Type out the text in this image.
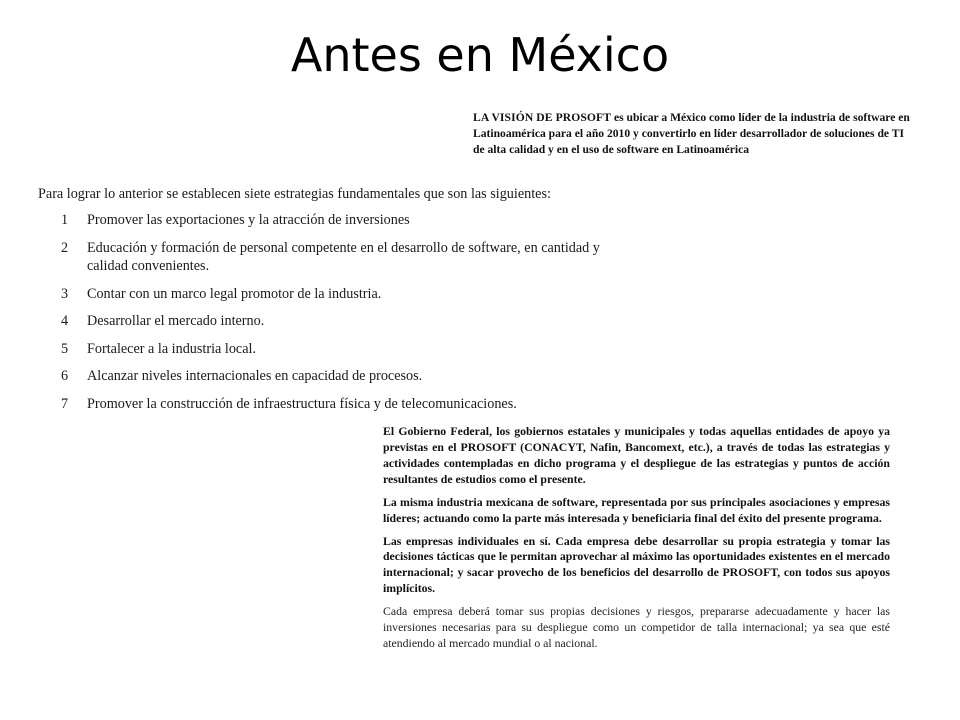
Antes en México
LA VISIÓN DE PROSOFT es ubicar a México como líder de la industria de software en Latinoamérica para el año 2010 y convertirlo en líder desarrollador de soluciones de TI de alta calidad y en el uso de software en Latinoamérica

Para lograr lo anterior se establecen siete estrategias fundamentales que son las siguientes:

1 Promover las exportaciones y la atracción de inversiones
2 Educación y formación de personal competente en el desarrollo de software, en cantidad y calidad convenientes.
3 Contar con un marco legal promotor de la industria.
4 Desarrollar el mercado interno.
5 Fortalecer a la industria local.
6 Alcanzar niveles internacionales en capacidad de procesos.
7 Promover la construcción de infraestructura física y de telecomunicaciones.

El Gobierno Federal, los gobiernos estatales y municipales y todas aquellas entidades de apoyo ya previstas en el PROSOFT (CONACYT, Nafin, Bancomext, etc.), a través de todas las estrategias y actividades contempladas en dicho programa y el despliegue de las estrategias y puntos de acción resultantes de estudios como el presente.

La misma industria mexicana de software, representada por sus principales asociaciones y empresas líderes; actuando como la parte más interesada y beneficiaria final del éxito del presente programa.

Las empresas individuales en sí. Cada empresa debe desarrollar su propia estrategia y tomar las decisiones tácticas que le permitan aprovechar al máximo las oportunidades existentes en el mercado internacional; y sacar provecho de los beneficios del desarrollo de PROSOFT, con todos sus apoyos implícitos.

Cada empresa deberá tomar sus propias decisiones y riesgos, prepararse adecuadamente y hacer las inversiones necesarias para su despliegue como un competidor de talla internacional; ya sea que esté atendiendo al mercado mundial o al nacional.
